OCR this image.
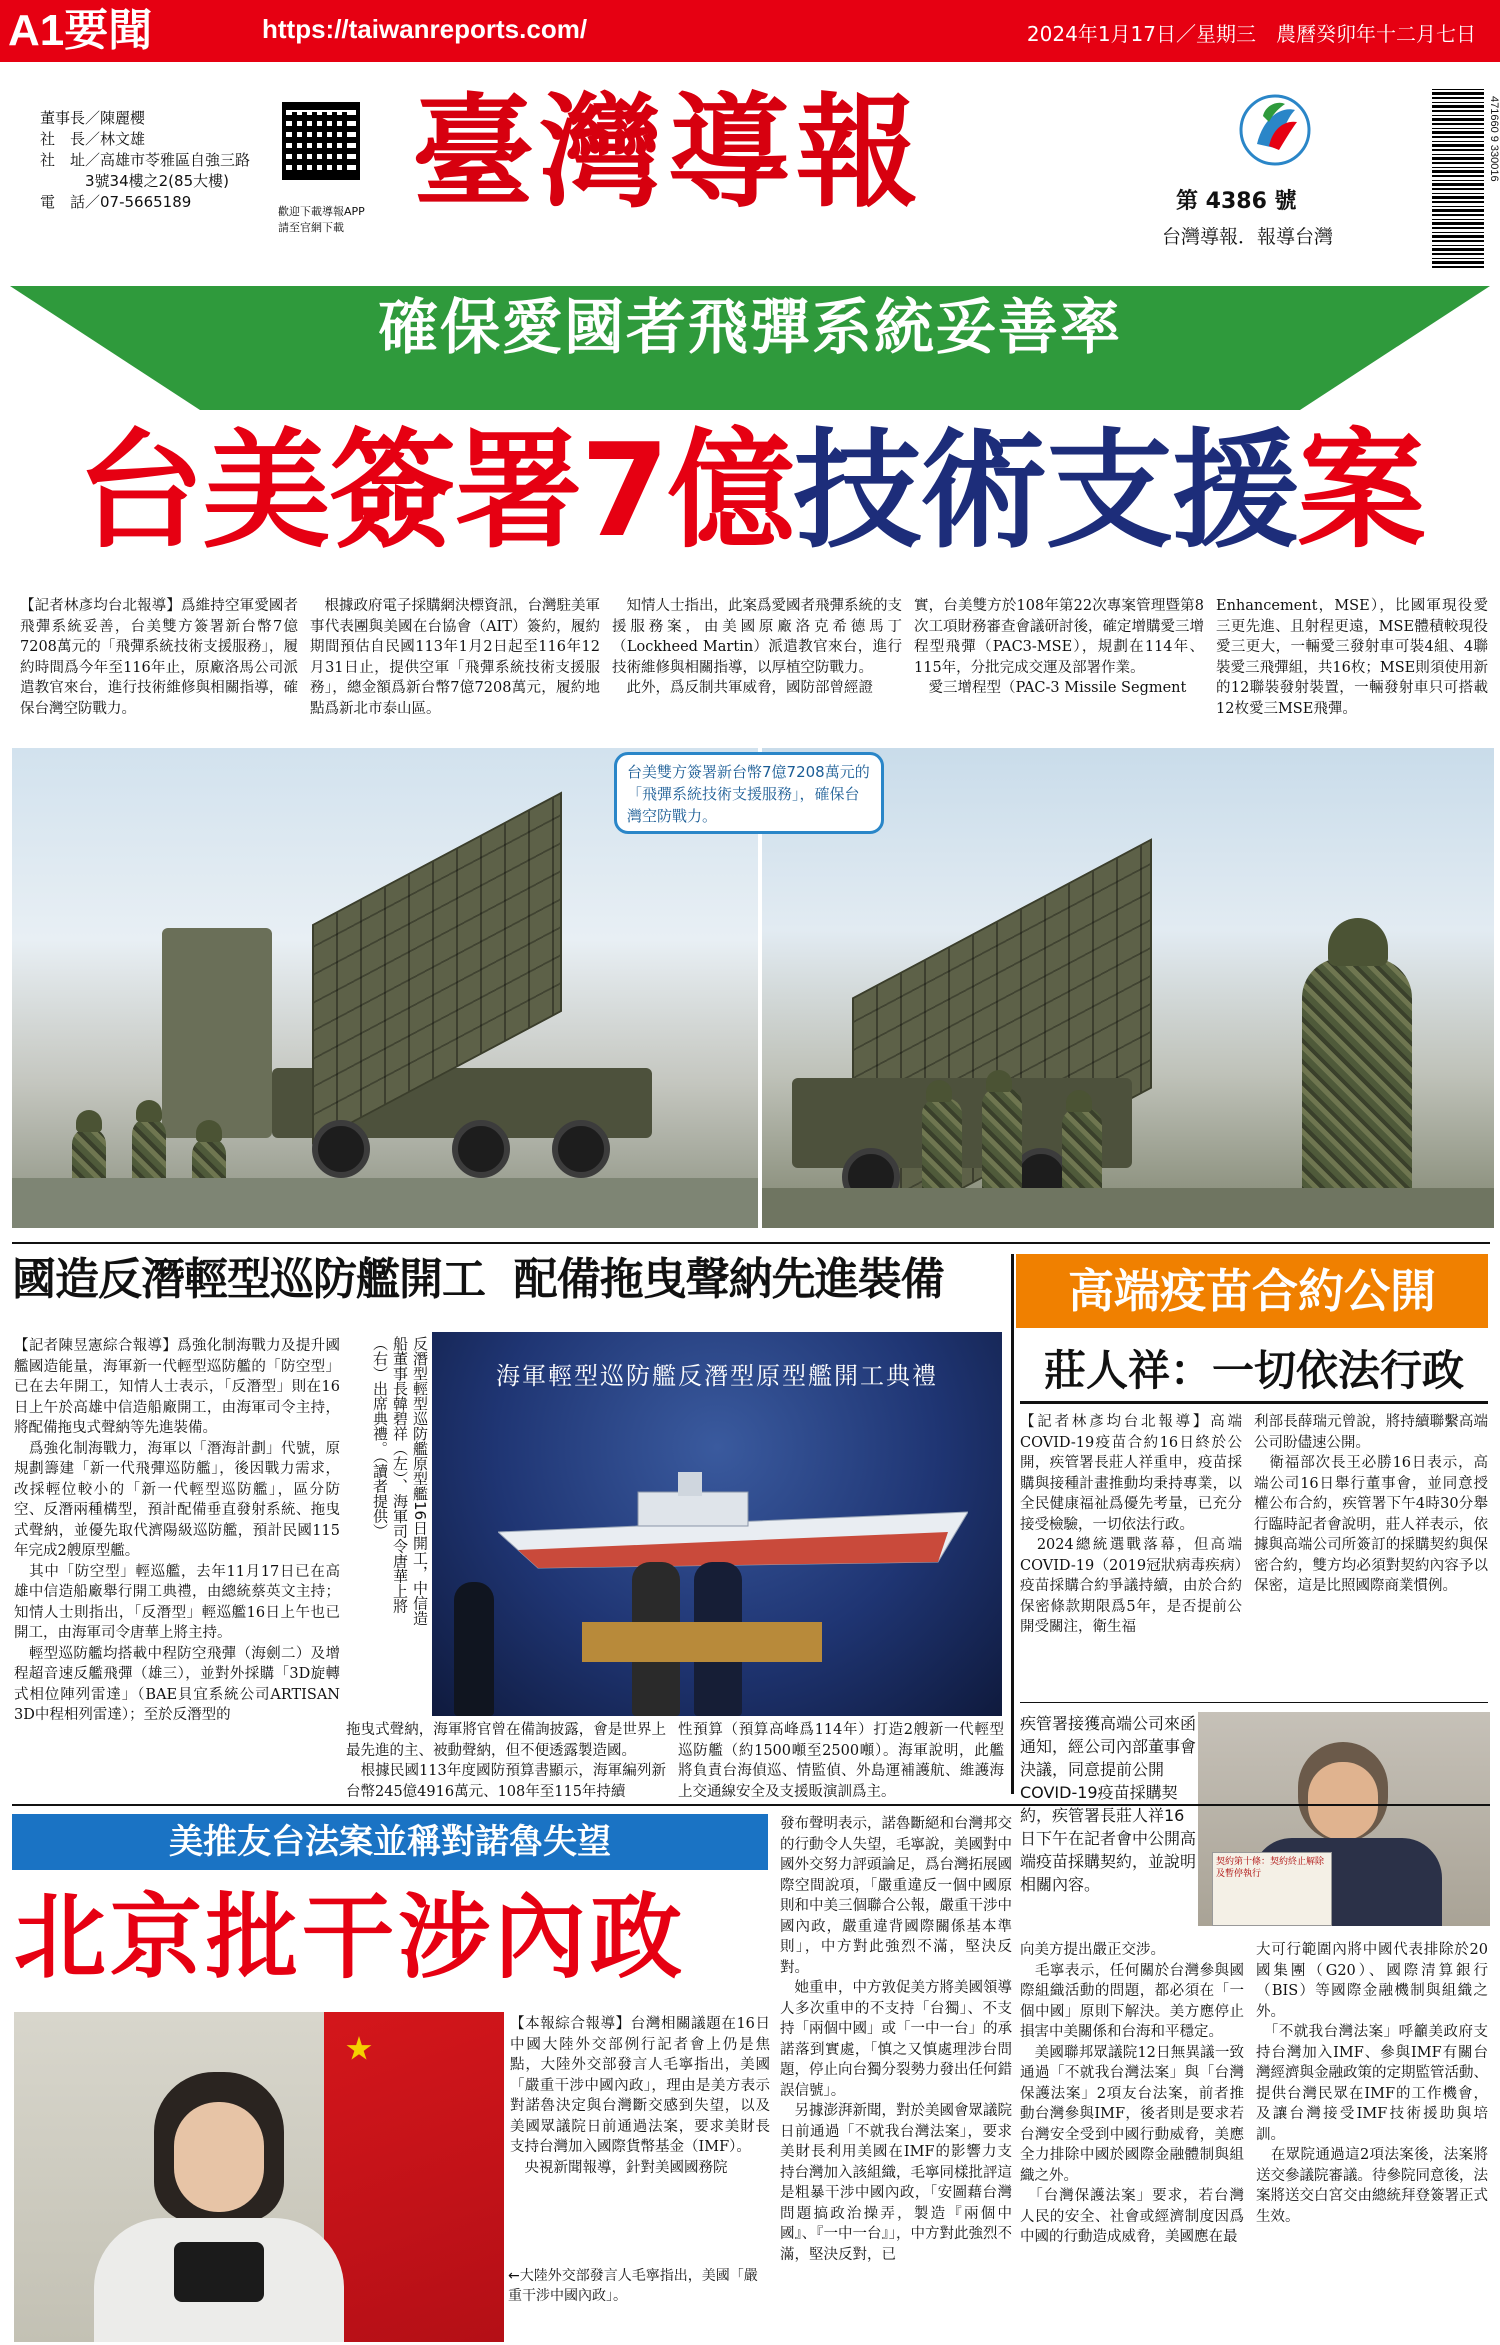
A1要聞	https://taiwanreports.com/	2024年1月17日／星期三　農曆癸卯年十二月七日
董事長／陳麗櫻
社　長／林文雄
社　址／高雄市苓雅區自強三路
　　　3號34樓之2(85大樓)
電　話／07-5665189
歡迎下載導報APP
請至官網下載
臺灣導報	第 4386 號
台灣導報．報導台灣
471660 9 330016
確保愛國者飛彈系統妥善率
台美簽署7億技術支援案
【記者林彥均台北報導】爲維持空軍愛國者飛彈系統妥善，台美雙方簽署新台幣7億7208萬元的「飛彈系統技術支援服務」，履約時間爲今年至116年止，原廠洛馬公司派遣教官來台，進行技術維修與相關指導，確保台灣空防戰力。
　根據政府電子採購網決標資訊，台灣駐美軍事代表團與美國在台協會（AIT）簽約，履約期間預估自民國113年1月2日起至116年12月31日止，提供空軍「飛彈系統技術支援服務」，總金額爲新台幣7億7208萬元，履約地點爲新北市泰山區。
　知情人士指出，此案爲愛國者飛彈系統的支援服務案，由美國原廠洛克希德馬丁（Lockheed Martin）派遣教官來台，進行技術維修與相關指導，以厚植空防戰力。
　此外，爲反制共軍威脅，國防部曾經證
實，台美雙方於108年第22次專案管理暨第8次工項財務審查會議研討後，確定增購愛三增程型飛彈（PAC3-MSE），規劃在114年、115年，分批完成交運及部署作業。
　愛三增程型（PAC-3 Missile Segment
Enhancement，MSE），比國軍現役愛三更先進、且射程更遠，MSE體積較現役愛三更大，一輛愛三發射車可裝4組、4聯裝愛三飛彈組，共16枚；MSE則須使用新的12聯裝發射裝置，一輛發射車只可搭載12枚愛三MSE飛彈。
台美雙方簽署新台幣7億7208萬元的「飛彈系統技術支援服務」，確保台灣空防戰力。
國造反潛輕型巡防艦開工 配備拖曳聲納先進裝備
【記者陳昱憲綜合報導】爲強化制海戰力及提升國艦國造能量，海軍新一代輕型巡防艦的「防空型」已在去年開工，知情人士表示，「反潛型」則在16日上午於高雄中信造船廠開工，由海軍司令主持，將配備拖曳式聲納等先進裝備。
　爲強化制海戰力，海軍以「潛海計劃」代號，原規劃籌建「新一代飛彈巡防艦」，後因戰力需求，改採輕位較小的「新一代輕型巡防艦」，區分防空、反潛兩種構型，預計配備垂直發射系統、拖曳式聲納，並優先取代濟陽級巡防艦，預計民國115年完成2艘原型艦。
　其中「防空型」輕巡艦，去年11月17日已在高雄中信造船廠舉行開工典禮，由總統蔡英文主持；知情人士則指出，「反潛型」輕巡艦16日上午也已開工，由海軍司令唐華上將主持。
　輕型巡防艦均搭載中程防空飛彈（海劍二）及增程超音速反艦飛彈（雄三），並對外採購「3D旋轉式相位陣列雷達」（BAE貝宜系統公司ARTISAN 3D中程相列雷達）；至於反潛型的
反潛型輕型巡防艦原型艦16日開工，中信造船董事長韓碧祥（左）、海軍司令唐華上將（右）出席典禮。（讀者提供）	海軍輕型巡防艦反潛型原型艦開工典禮
拖曳式聲納，海軍將官曾在備詢披露，會是世界上最先進的主、被動聲納，但不便透露製造國。
　根據民國113年度國防預算書顯示，海軍編列新台幣245億4916萬元、108年至115年持續
性預算（預算高峰爲114年）打造2艘新一代輕型巡防艦（約1500噸至2500噸）。海軍說明，此艦將負責台海偵巡、情監偵、外島運補護航、維護海上交通線安全及支援販演訓爲主。
高端疫苗合約公開
莊人祥：一切依法行政
【記者林彥均台北報導】高端COVID-19疫苗合約16日終於公開，疾管署長莊人祥重申，疫苗採購與接種計畫推動均秉持專業，以全民健康福祉爲優先考量，已充分接受檢驗，一切依法行政。
　2024總統選戰落幕，但高端COVID-19（2019冠狀病毒疾病）疫苗採購合約爭議持續，由於合約保密條款期限爲5年，是否提前公開受關注，衛生福
利部長薛瑞元曾說，將持續聯繫高端公司盼儘速公開。
　衛福部次長王必勝16日表示，高端公司16日舉行董事會，並同意授權公布合約，疾管署下午4時30分舉行臨時記者會說明，莊人祥表示，依據與高端公司所簽訂的採購契約與保密合約，雙方均必須對契約內容予以保密，這是比照國際商業慣例。
疾管署接獲高端公司來函通知，經公司內部董事會決議，同意提前公開COVID-19疫苗採購契約，疾管署長莊人祥16日下午在記者會中公開高端疫苗採購契約，並說明相關內容。
契約第十條：契約終止解除及暫停執行
美推友台法案並稱對諾魯失望
北京批干涉內政
【本報綜合報導】台灣相關議題在16日中國大陸外交部例行記者會上仍是焦點，大陸外交部發言人毛寧指出，美國「嚴重干涉中國內政」，理由是美方表示對諾魯決定與台灣斷交感到失望，以及美國眾議院日前通過法案，要求美財長支持台灣加入國際貨幣基金（IMF）。
　央視新聞報導，針對美國國務院
←大陸外交部發言人毛寧指出，美國「嚴重干涉中國內政」。
發布聲明表示，諾魯斷絕和台灣邦交的行動令人失望，毛寧說，美國對中國外交努力評頭論足，爲台灣拓展國際空間說項，「嚴重違反一個中國原則和中美三個聯合公報，嚴重干涉中國內政，嚴重違背國際關係基本準則」，中方對此強烈不滿，堅決反對。
　她重申，中方敦促美方將美國領導人多次重申的不支持「台獨」、不支持「兩個中國」或「一中一台」的承諾落到實處，「慎之又慎處理涉台問題，停止向台獨分裂勢力發出任何錯誤信號」。
　另據澎湃新聞，對於美國會眾議院日前通過「不就我台灣法案」，要求美財長利用美國在IMF的影響力支持台灣加入該組織，毛寧同樣批評這是粗暴干涉中國內政，「安圖藉台灣問題搞政治操弄，製造『兩個中國』、『一中一台』」，中方對此強烈不滿，堅決反對，已
向美方提出嚴正交涉。
　毛寧表示，任何關於台灣參與國際組織活動的問題，都必須在「一個中國」原則下解決。美方應停止損害中美關係和台海和平穩定。
　美國聯邦眾議院12日無異議一致通過「不就我台灣法案」與「台灣保護法案」2項友台法案，前者推動台灣參與IMF，後者則是要求若台灣安全受到中國行動威脅，美應全力排除中國於國際金融體制與組織之外。
　「台灣保護法案」要求，若台灣人民的安全、社會或經濟制度因爲中國的行動造成威脅，美國應在最
大可行範圍內將中國代表排除於20國集團（G20）、國際清算銀行（BIS）等國際金融機制與組織之外。
　「不就我台灣法案」呼籲美政府支持台灣加入IMF、參與IMF有關台灣經濟與金融政策的定期監管活動、提供台灣民眾在IMF的工作機會，及讓台灣接受IMF技術援助與培訓。
　在眾院通過這2項法案後，法案將送交參議院審議。待參院同意後，法案將送交白宮交由總統拜登簽署正式生效。
